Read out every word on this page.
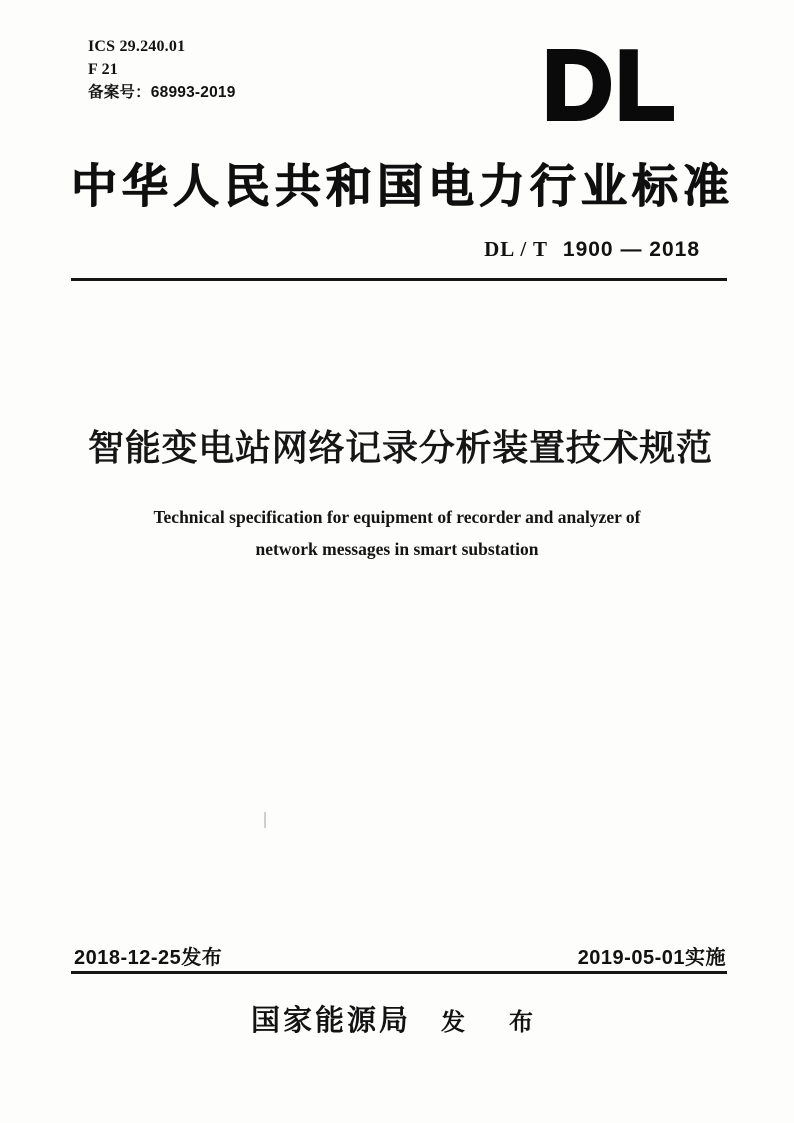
ICS 29.240.01
F 21
备案号：68993-2019	DL
中华人民共和国电力行业标准
DL / T 1900 — 2018
智能变电站网络记录分析装置技术规范
Technical specification for equipment of recorder and analyzer of
network messages in smart substation
2018-12-25发布	2019-05-01实施
国家能源局 发　布
